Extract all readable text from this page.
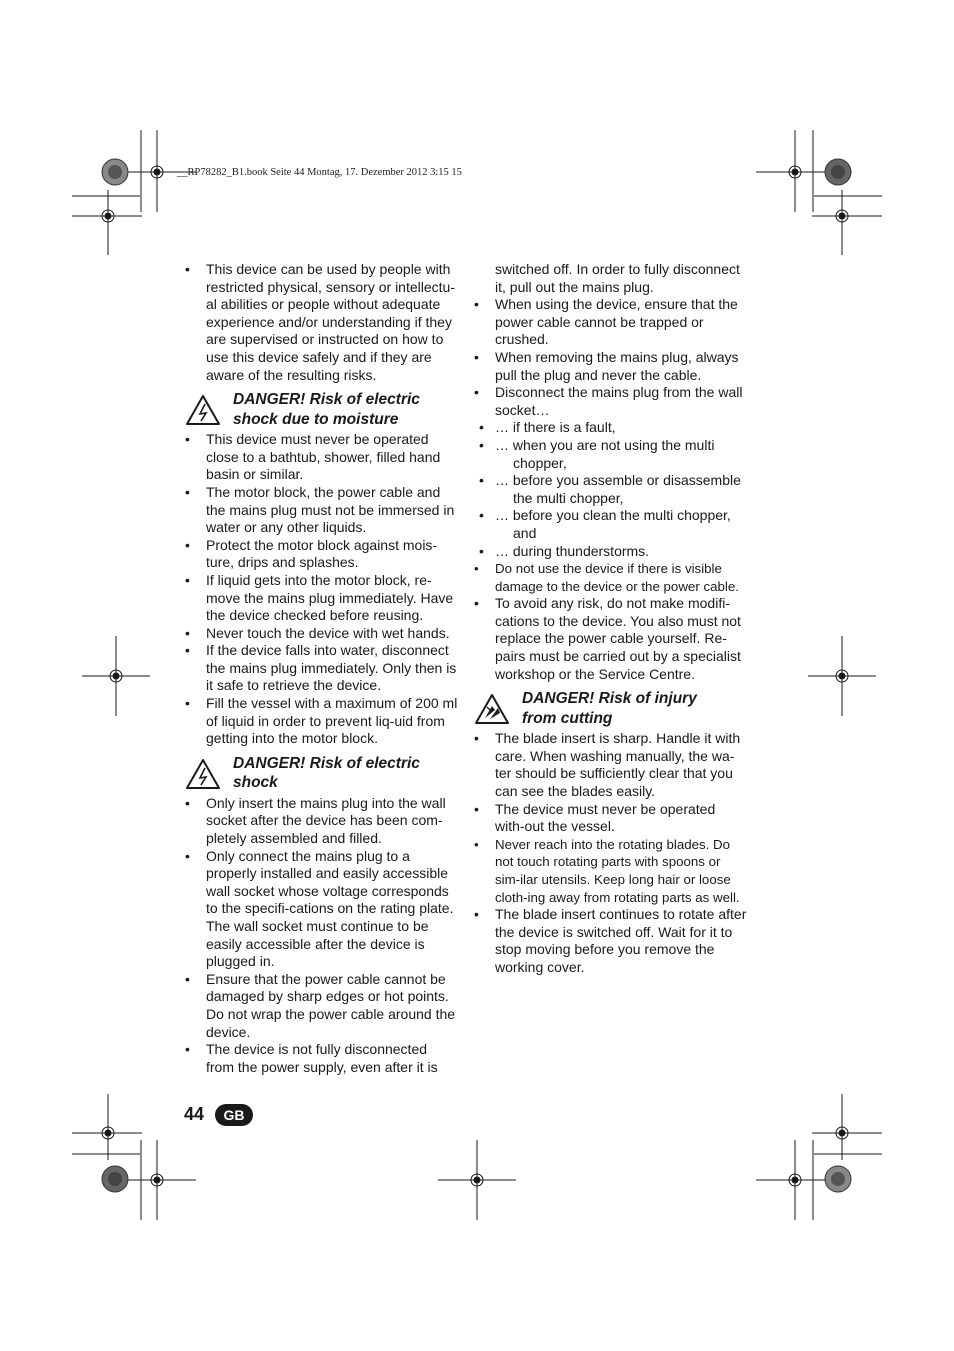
__RP78282_B1.book Seite 44 Montag, 17. Dezember 2012 3:15 15
• This device can be used by people with restricted physical, sensory or intellectu-al abilities or people without adequate experience and/or understanding if they are supervised or instructed on how to use this device safely and if they are aware of the resulting risks.
DANGER! Risk of electric
shock due to moisture
• This device must never be operated close to a bathtub, shower, filled hand basin or similar.
• The motor block, the power cable and the mains plug must not be immersed in water or any other liquids.
• Protect the motor block against mois-ture, drips and splashes.
• If liquid gets into the motor block, re-move the mains plug immediately. Have the device checked before reusing.
• Never touch the device with wet hands.
• If the device falls into water, disconnect the mains plug immediately. Only then is it safe to retrieve the device.
• Fill the vessel with a maximum of 200 ml of liquid in order to prevent liq-uid from getting into the motor block.
DANGER! Risk of electric
shock
• Only insert the mains plug into the wall socket after the device has been com-pletely assembled and filled.
• Only connect the mains plug to a properly installed and easily accessible wall socket whose voltage corresponds to the specifi-cations on the rating plate. The wall socket must continue to be easily accessible after the device is plugged in.
• Ensure that the power cable cannot be damaged by sharp edges or hot points. Do not wrap the power cable around the device.
• The device is not fully disconnected from the power supply, even after it is
switched off. In order to fully disconnect it, pull out the mains plug.
• When using the device, ensure that the power cable cannot be trapped or crushed.
• When removing the mains plug, always pull the plug and never the cable.
• Disconnect the mains plug from the wall socket…
• … if there is a fault,
• … when you are not using the multi chopper,
• … before you assemble or disassemble the multi chopper,
• … before you clean the multi chopper, and
• … during thunderstorms.
• Do not use the device if there is visible damage to the device or the power cable.
• To avoid any risk, do not make modifi-cations to the device. You also must not replace the power cable yourself. Re-pairs must be carried out by a specialist workshop or the Service Centre.
DANGER! Risk of injury
from cutting
• The blade insert is sharp. Handle it with care. When washing manually, the wa-ter should be sufficiently clear that you can see the blades easily.
• The device must never be operated with-out the vessel.
• Never reach into the rotating blades. Do not touch rotating parts with spoons or sim-ilar utensils. Keep long hair or loose cloth-ing away from rotating parts as well.
• The blade insert continues to rotate after the device is switched off. Wait for it to stop moving before you remove the working cover.
44	GB
